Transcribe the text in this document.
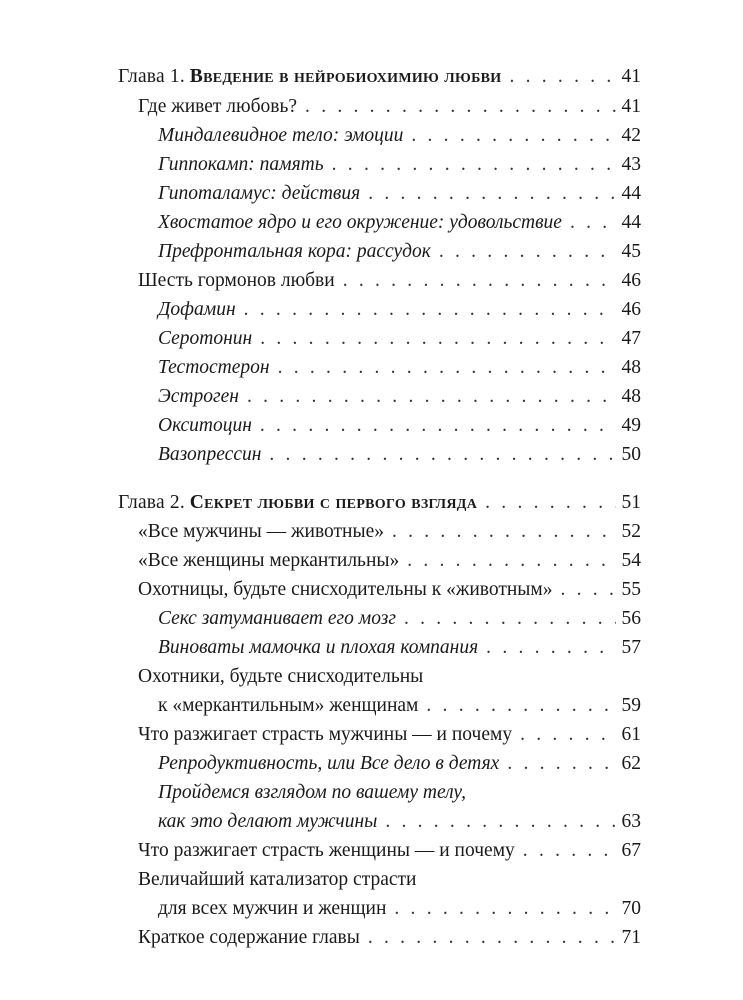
Глава 1. Введение в нейробиохимию любви . . .	41
Где живет любовь? . . .	41
Миндалевидное тело: эмоции . . .	42
Гиппокамп: память . . .	43
Гипоталамус: действия . . .	44
Хвостатое ядро и его окружение: удовольствие . . .	44
Префронтальная кора: рассудок . . .	45
Шесть гормонов любви . . .	46
Дофамин . . .	46
Серотонин . . .	47
Тестостерон . . .	48
Эстроген . . .	48
Окситоцин . . .	49
Вазопрессин . . .	50
Глава 2. Секрет любви с первого взгляда . . .	51
«Все мужчины — животные» . . .	52
«Все женщины меркантильны» . . .	54
Охотницы, будьте снисходительны к «животным» . . .	55
Секс затуманивает его мозг . . .	56
Виноваты мамочка и плохая компания . . .	57
Охотники, будьте снисходительны
к «меркантильным» женщинам . . .	59
Что разжигает страсть мужчины — и почему . . .	61
Репродуктивность, или Все дело в детях . . .	62
Пройдемся взглядом по вашему телу,
как это делают мужчины . . .	63
Что разжигает страсть женщины — и почему . . .	67
Величайший катализатор страсти
для всех мужчин и женщин . . .	70
Краткое содержание главы . . .	71
